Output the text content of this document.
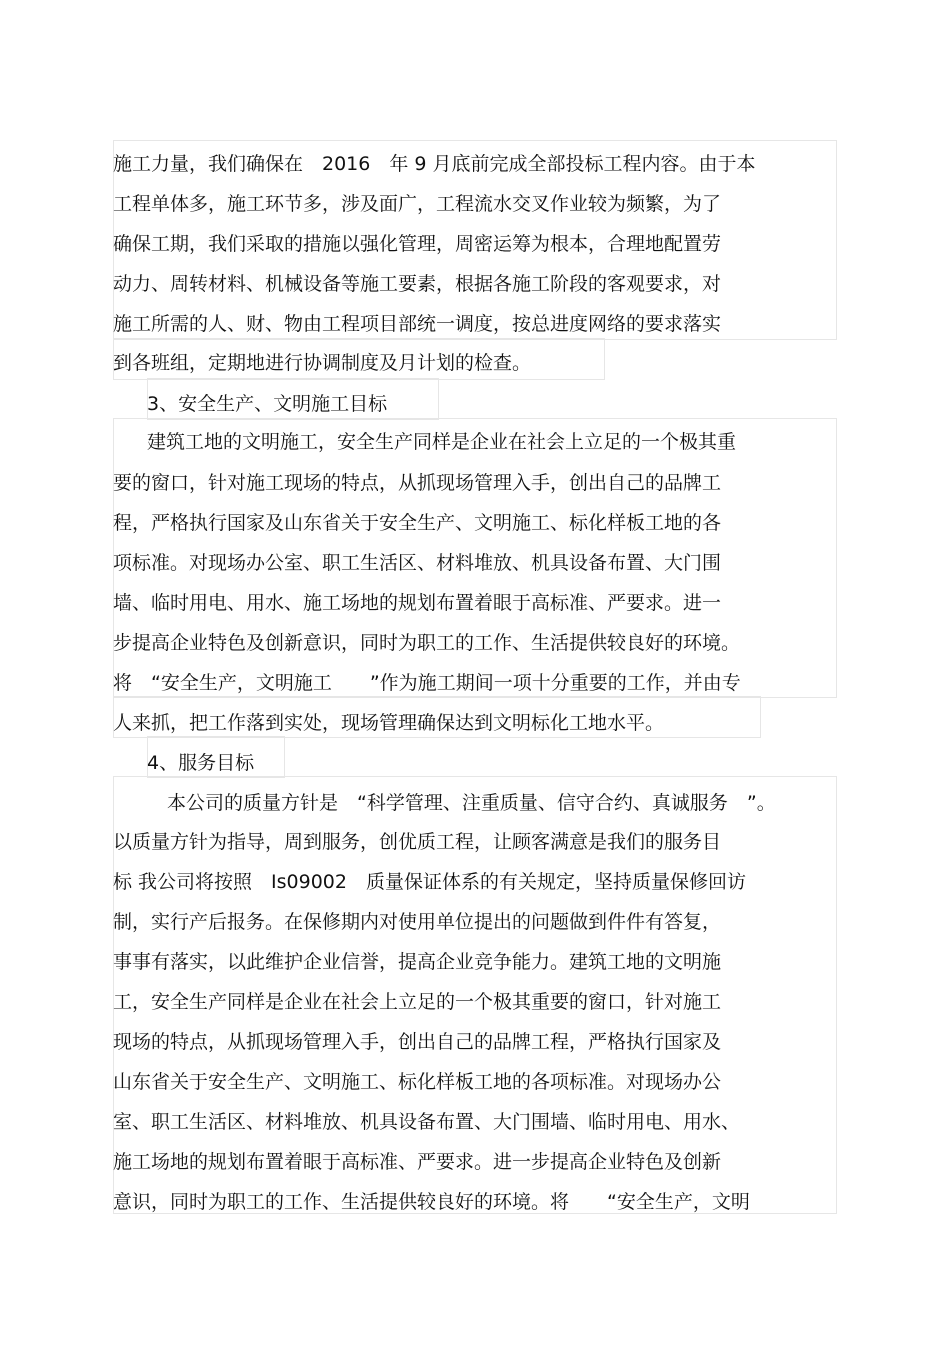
施工力量，我们确保在　2016　年 9 月底前完成全部投标工程内容。由于本
工程单体多，施工环节多，涉及面广，工程流水交叉作业较为频繁，为了
确保工期，我们采取的措施以强化管理，周密运筹为根本，合理地配置劳
动力、周转材料、机械设备等施工要素，根据各施工阶段的客观要求，对
施工所需的人、财、物由工程项目部统一调度，按总进度网络的要求落实
到各班组，定期地进行协调制度及月计划的检查。
3、安全生产、文明施工目标
建筑工地的文明施工，安全生产同样是企业在社会上立足的一个极其重
要的窗口，针对施工现场的特点，从抓现场管理入手，创出自己的品牌工
程，严格执行国家及山东省关于安全生产、文明施工、标化样板工地的各
项标准。对现场办公室、职工生活区、材料堆放、机具设备布置、大门围
墙、临时用电、用水、施工场地的规划布置着眼于高标准、严要求。进一
步提高企业特色及创新意识，同时为职工的工作、生活提供较良好的环境。
将　“安全生产，文明施工　　”作为施工期间一项十分重要的工作，并由专
人来抓，把工作落到实处，现场管理确保达到文明标化工地水平。
4、服务目标
本公司的质量方针是　“科学管理、注重质量、信守合约、真诚服务　”。
以质量方针为指导，周到服务，创优质工程，让顾客满意是我们的服务目
标 我公司将按照　Is09002　质量保证体系的有关规定，坚持质量保修回访
制，实行产后报务。在保修期内对使用单位提出的问题做到件件有答复，
事事有落实，以此维护企业信誉，提高企业竞争能力。建筑工地的文明施
工，安全生产同样是企业在社会上立足的一个极其重要的窗口，针对施工
现场的特点，从抓现场管理入手，创出自己的品牌工程，严格执行国家及
山东省关于安全生产、文明施工、标化样板工地的各项标准。对现场办公
室、职工生活区、材料堆放、机具设备布置、大门围墙、临时用电、用水、
施工场地的规划布置着眼于高标准、严要求。进一步提高企业特色及创新
意识，同时为职工的工作、生活提供较良好的环境。将　　“安全生产，文明
